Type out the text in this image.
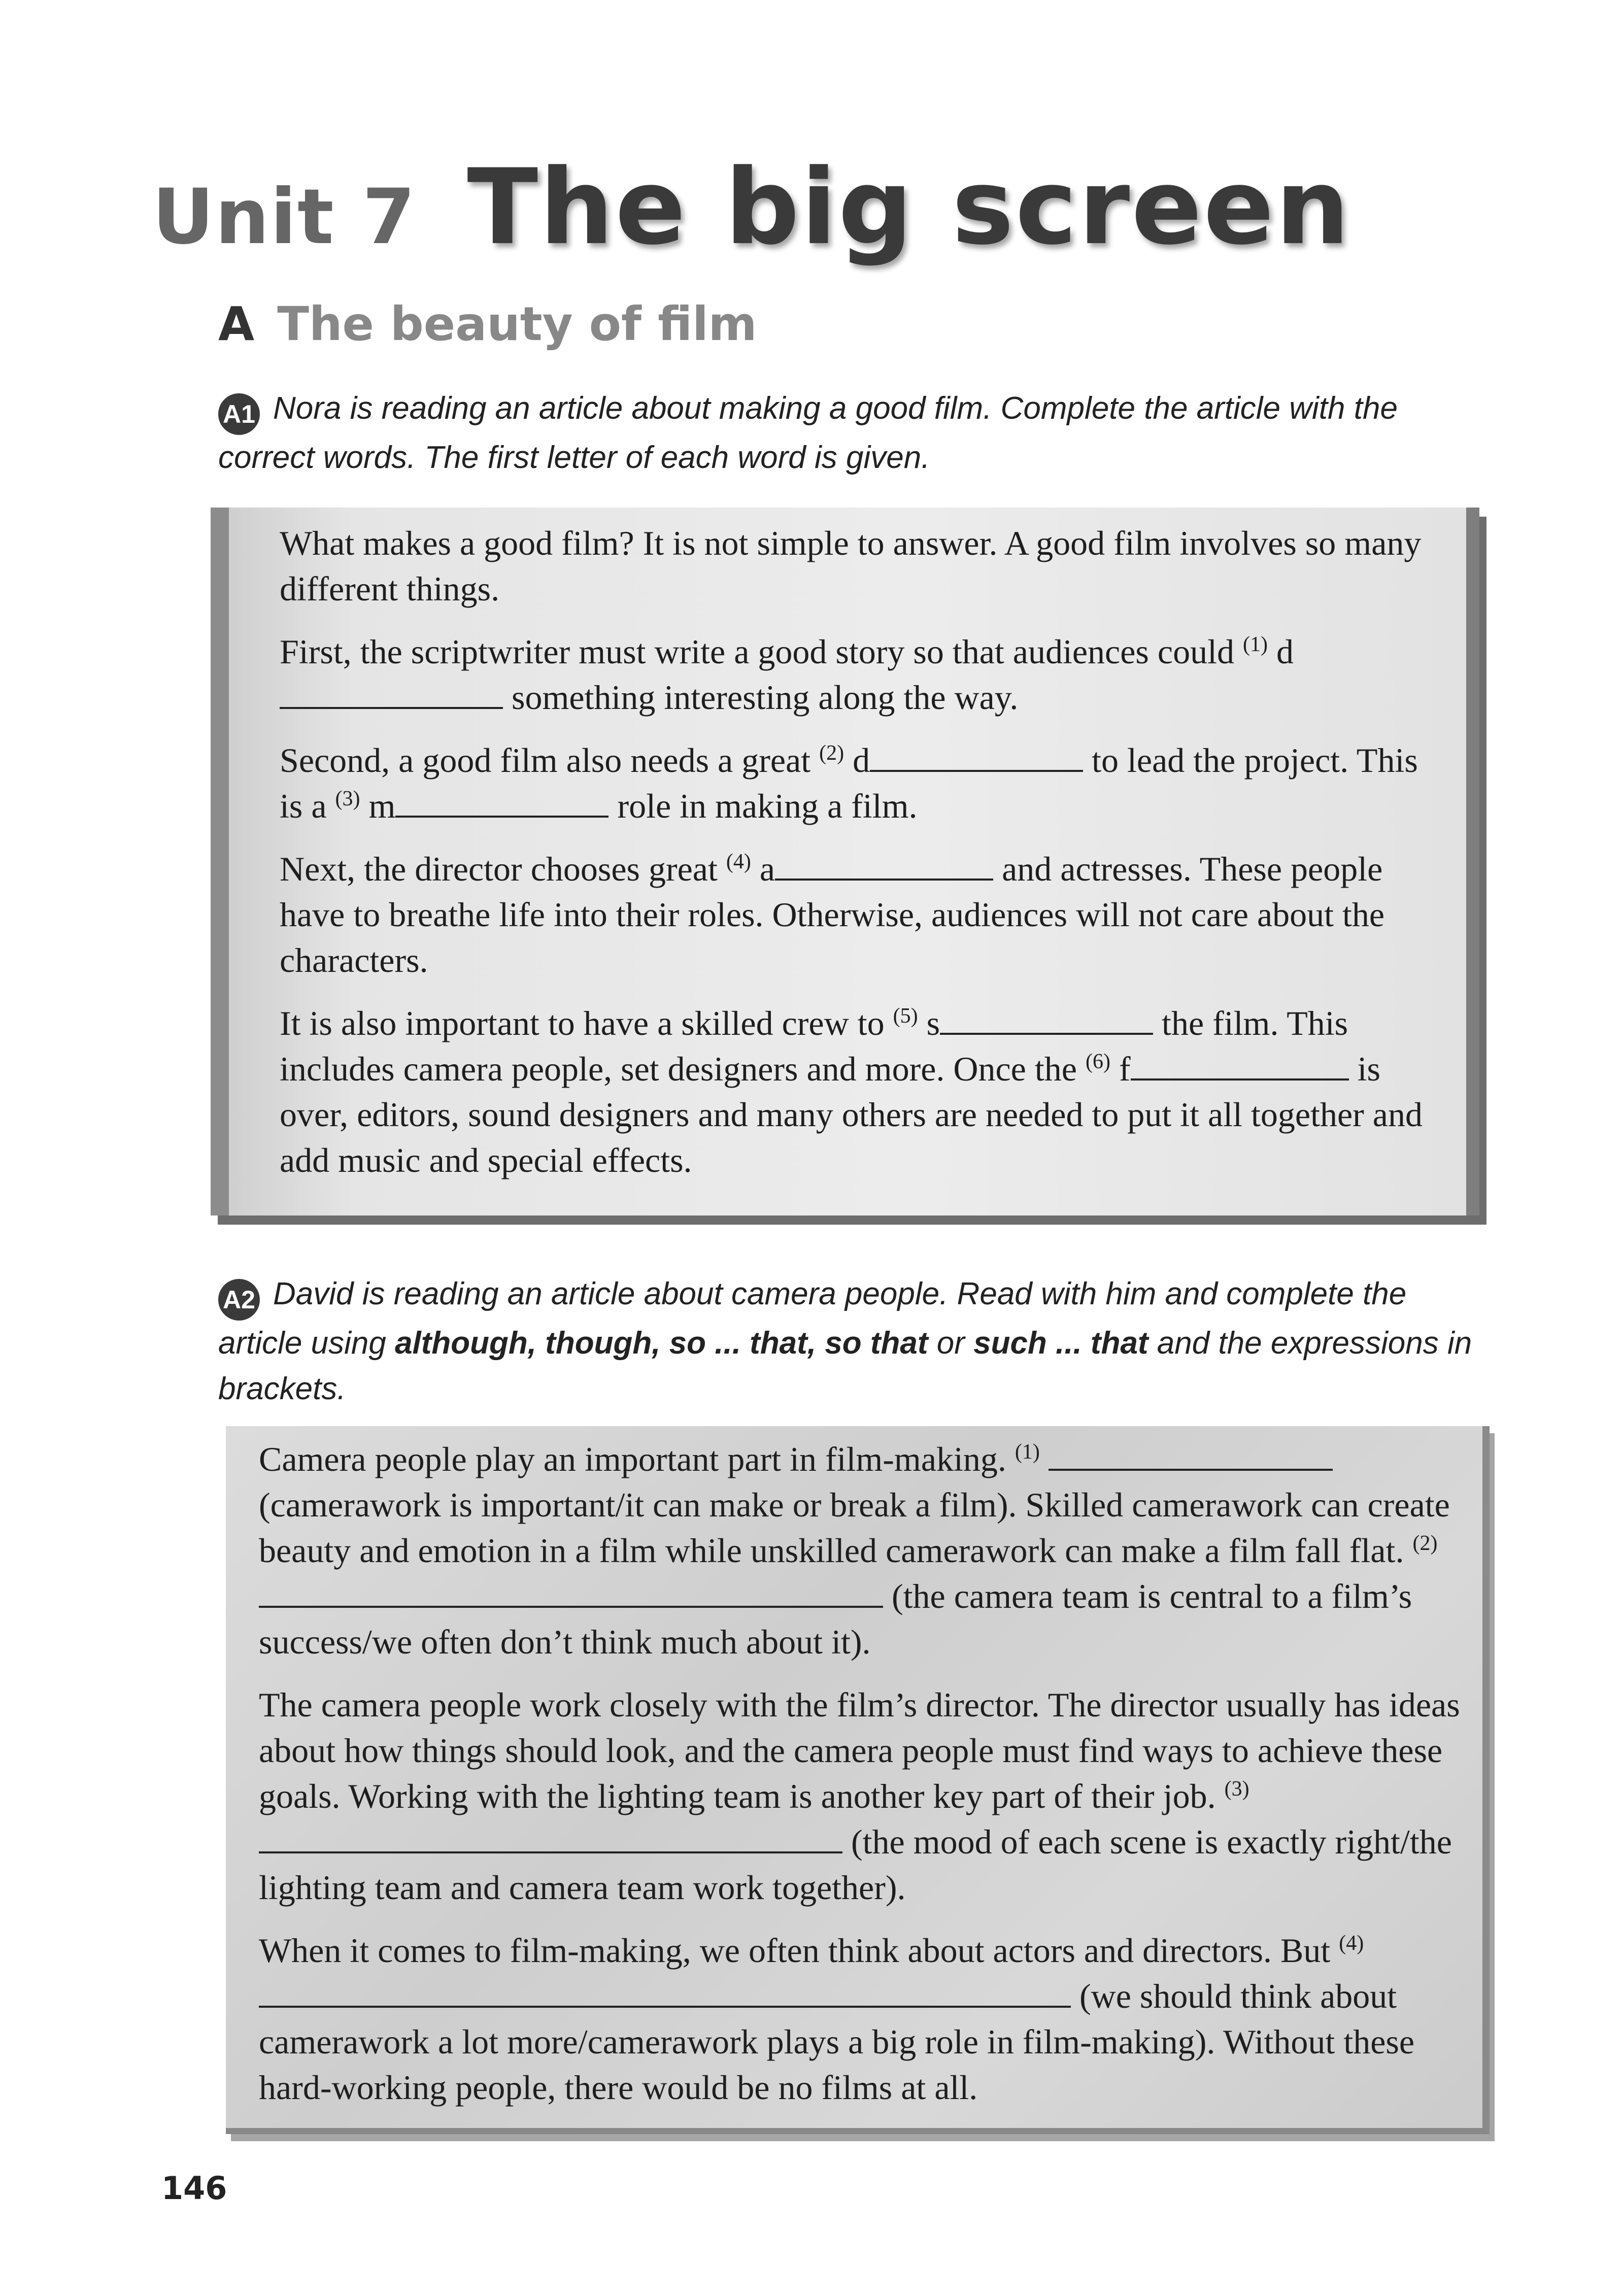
Unit 7 The big screen
A The beauty of film
A1 Nora is reading an article about making a good film. Complete the article with the correct words. The first letter of each word is given.

What makes a good film? It is not simple to answer. A good film involves so many different things.

First, the scriptwriter must write a good story so that audiences could $^{(1)}$ d something interesting along the way.

Second, a good film also needs a great $^{(2)}$ d	to lead the project. This is a $^{(3)}$ m	role in making a film.

Next, the director chooses great $^{(4)}$ a	and actresses. These people have to breathe life into their roles. Otherwise, audiences will not care about the characters.

It is also important to have a skilled crew to $^{(5)}$ s	the film. This includes camera people, set designers and more. Once the $^{(6)}$ f	is over, editors, sound designers and many others are needed to put it all together and add music and special effects.

A2 David is reading an article about camera people. Read with him and complete the article using although, though, so ... that, so that or such ... that and the expressions in brackets.

Camera people play an important part in film-making. $^{(1)}$  (camerawork is important/it can make or break a film). Skilled camerawork can create beauty and emotion in a film while unskilled camerawork can make a film fall flat. $^{(2)}$  (the camera team is central to a film’s success/we often don’t think much about it).

The camera people work closely with the film’s director. The director usually has ideas about how things should look, and the camera people must find ways to achieve these goals. Working with the lighting team is another key part of their job. $^{(3)}$  (the mood of each scene is exactly right/the lighting team and camera team work together).

When it comes to film-making, we often think about actors and directors. But $^{(4)}$  (we should think about camerawork a lot more/camerawork plays a big role in film-making). Without these hard-working people, there would be no films at all.

146
